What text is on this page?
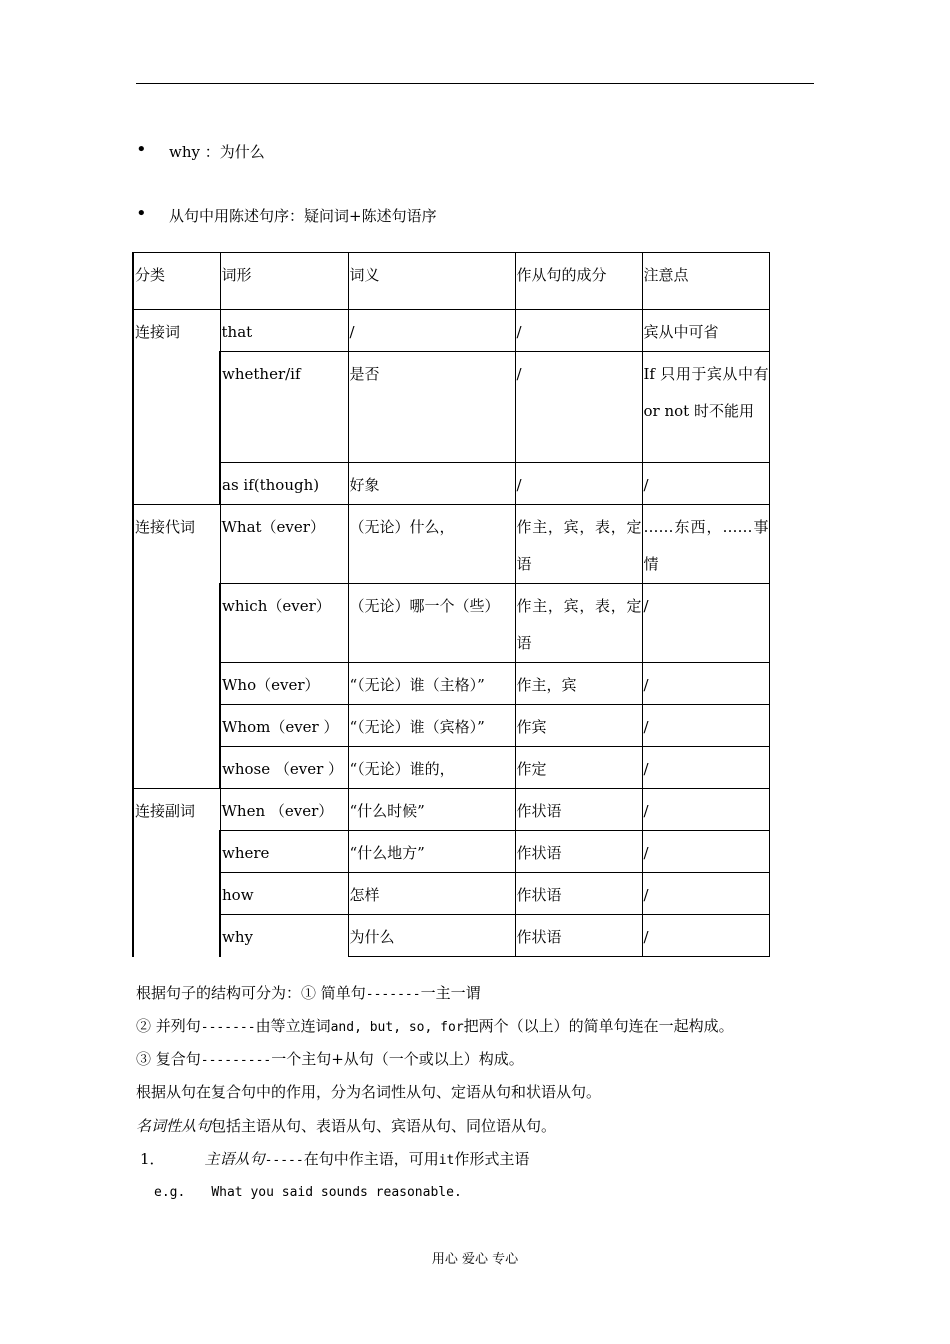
• why ：为什么
• 从句中用陈述句序：疑问词+陈述句语序
分类	词形	词义	作从句的成分	注意点
连接词	that	/	/	宾从中可省
	whether/if	是否	/	If 只用于宾从中有 or not 时不能用
	as if(though)	好象	/	/
连接代词	What（ever）	（无论）什么，	作主，宾，表，定语	……东西，……事情
	which（ever）	（无论）哪一个（些）	作主，宾，表，定语	/
	Who（ever）	“（无论）谁（主格）”	作主，宾	/
	Whom（ever ）	“（无论）谁（宾格）”	作宾	/
	whose （ever ）	“（无论）谁的，	作定	/
连接副词	When （ever）	“什么时候”	作状语	/
	where	“什么地方”	作状语	/
	how	怎样	作状语	/
	why	为什么	作状语	/
根据句子的结构可分为：① 简单句-------一主一谓
② 并列句-------由等立连词and, but, so, for把两个（以上）的简单句连在一起构成。
③ 复合句---------一个主句+从句（一个或以上）构成。
根据从句在复合句中的作用，分为名词性从句、定语从句和状语从句。
名词性从句包括主语从句、表语从句、宾语从句、同位语从句。
1．	主语从句-----在句中作主语，可用it作形式主语
e.g. What you said sounds reasonable.
用心 爱心 专心
